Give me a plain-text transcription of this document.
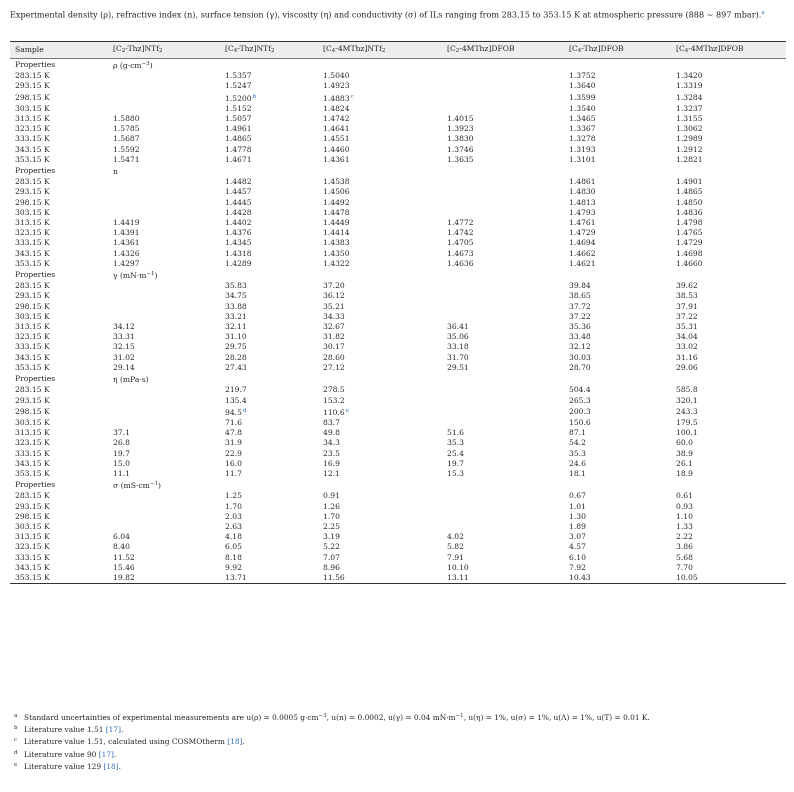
Experimental density (ρ), refractive index (n), surface tension (γ), viscosity (η) and conductivity (σ) of ILs ranging from 283.15 to 353.15 K at atmospheric pressure (888 ~ 897 mbar).$^a$
Sample	[C2-Thz]NTf2	[C4-Thz]NTf2	[C4-4MThz]NTf2	[C2-4MThz]DFOB	[C4-Thz]DFOB	[C4-4MThz]DFOB
Properties	ρ $(g\cdot cm^{-3})$					
283.15 K		1.5357	1.5040		1.3752	1.3420
293.15 K		1.5247	1.4923		1.3640	1.3319
298.15 K		1.5200$^b$	1.4883$^c$		1.3599	1.3284
303.15 K		1.5152	1.4824		1.3540	1.3237
313.15 K	1.5880	1.5057	1.4742	1.4015	1.3465	1.3155
323.15 K	1.5785	1.4961	1.4641	1.3923	1.3367	1.3062
333.15 K	1.5687	1.4865	1.4551	1.3830	1.3278	1.2989
343.15 K	1.5592	1.4778	1.4460	1.3746	1.3193	1.2912
353.15 K	1.5471	1.4671	1.4361	1.3635	1.3101	1.2821
Properties	n					
283.15 K		1.4482	1.4538		1.4861	1.4901
293.15 K		1.4457	1.4506		1.4830	1.4865
298.15 K		1.4445	1.4492		1.4813	1.4850
303.15 K		1.4428	1.4478		1.4793	1.4836
313.15 K	1.4419	1.4402	1.4449	1.4772	1.4761	1.4798
323.15 K	1.4391	1.4376	1.4414	1.4742	1.4729	1.4765
333.15 K	1.4361	1.4345	1.4383	1.4705	1.4694	1.4729
343.15 K	1.4326	1.4318	1.4350	1.4673	1.4662	1.4698
353.15 K	1.4297	1.4289	1.4322	1.4636	1.4621	1.4660
Properties	γ $(mN\cdot m^{-1})$					
283.15 K		35.83	37.20		39.84	39.62
293.15 K		34.75	36.12		38.65	38.53
298.15 K		33.88	35.21		37.72	37.91
303.15 K		33.21	34.33		37.22	37.22
313.15 K	34.12	32.11	32.67	36.41	35.36	35.31
323.15 K	33.31	31.10	31.82	35.06	33.48	34.04
333.15 K	32.15	29.75	30.17	33.18	32.12	33.02
343.15 K	31.02	28.28	28.60	31.70	30.03	31.16
353.15 K	29.14	27.43	27.12	29.51	28.70	29.06
Properties	η (mPa·s)					
283.15 K		219.7	278.5		504.4	585.8
293.15 K		135.4	153.2		265.3	320.1
298.15 K		94.5$^d$	110.6e		200.3	243.3
303.15 K		71.6	83.7		150.6	179.5
313.15 K	37.1	47.8	49.8	51.6	87.1	100.1
323.15 K	26.8	31.9	34.3	35.3	54.2	60.0
333.15 K	19.7	22.9	23.5	25.4	35.3	38.9
343.15 K	15.0	16.0	16.9	19.7	24.6	26.1
353.15 K	11.1	11.7	12.1	15.3	18.1	18.9
Properties	σ $(mS\cdot cm^{-1})$					
283.15 K		1.25	0.91		0.67	0.61
293.15 K		1.70	1.26		1.01	0.93
298.15 K		2.03	1.70		1.30	1.10
303.15 K		2.63	2.25		1.89	1.33
313.15 K	6.04	4.18	3.19	4.02	3.07	2.22
323.15 K	8.40	6.05	5.22	5.82	4.57	3.86
333.15 K	11.52	8.18	7.07	7.91	6.10	5.68
343.15 K	15.46	9.92	8.96	10.10	7.92	7.70
353.15 K	19.82	13.71	11.56	13.11	10.43	10.05
a Standard uncertainties of experimental measurements are u(ρ) = 0.0005 $g\cdot cm^{-3}$, u(n) = 0.0002, u(γ) = 0.04 $mN\cdot m^{-1}$, u(η) = 1%, u(σ) = 1%, u(Λ) = 1%, u(T) = 0.01 K.
b Literature value 1.51 [17].
c Literature value 1.51, calculated using COSMOtherm [18].
d Literature value 90 [17].
e Literature value 129 [18].
